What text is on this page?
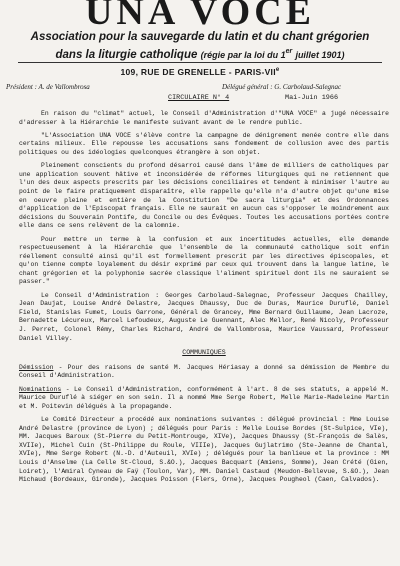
UNA VOCE
Association pour la sauvegarde du latin et du chant grégorien
dans la liturgie catholique (régie par la loi du 1er juillet 1901)
109, RUE DE GRENELLE - PARIS-VIIe
Président : A. de Vallombrosa	Délégué général : G. Carbolaud-Salegnac
CIRCULAIRE N° 4	Mai-Juin 1966

En raison du "climat" actuel, le Conseil d'Administration d'"UNA VOCE" a jugé nécessaire d'adresser à la Hiérarchie le manifeste suivant avant de le rendre public.

"L'Association UNA VOCE s'élève contre la campagne de dénigrement menée contre elle dans certains milieux. Elle repousse les accusations sans fondement de collusion avec des partis politiques ou des idéologies quelconques étrangère à son objet.

Pleinement conscients du profond désarroi causé dans l'âme de milliers de catholiques par une application souvent hâtive et inconsidérée de réformes liturgiques qui ne retiennent que l'un des deux aspects prescrits par les décisions conciliaires et tendent à minimiser l'autre au point de le faire pratiquement disparaître, elle rappelle qu'elle n'a d'autre objet qu'une mise en oeuvre pleine et entière de la Constitution "De sacra liturgia" et des Ordonnances d'application de l'Episcopat français. Elle ne saurait en aucun cas s'opposer le moindrement aux décisions du Souverain Pontife, du Concile ou des Évêques. Toutes les accusations portées contre elle dans ce sens relèvent de la calomnie.

Pour mettre un terme à la confusion et aux incertitudes actuelles, elle demande respectueusement à la Hiérarchie que l'ensemble de la communauté catholique soit enfin réellement consulté ainsi qu'il est formellement prescrit par les directives épiscopales, et qu'on tienne compte loyalement du désir exprimé par ceux qui trouvent dans la langue latine, le chant grégorien et la polyphonie sacrée classique l'aliment spirituel dont ils ne sauraient se passer."

Le Conseil d'Administration : Georges Carbolaud-Salegnac, Professeur Jacques Chailley, Jean Daujat, Louise André Delastre, Jacques Dhaussy, Duc de Duras, Maurice Duruflé, Daniel Field, Stanislas Fumet, Louis Garrone, Général de Grancey, Mme Bernard Guillaume, Jean Lacroze, Bernadette Lécureux, Marcel Lefoudeux, Auguste Le Guennant, Alec Mellor, René Nicoly, Professeur J. Perret, Colonel Rémy, Charles Richard, André de Vallombrosa, Maurice Vaussard, Professeur Daniel Villey.

COMMUNIQUES

Démission - Pour des raisons de santé M. Jacques Hériasay a donné sa démission de Membre du Conseil d'Administration.

Nominations - Le Conseil d'Administration, conformément à l'art. 8 de ses statuts, a appelé M. Maurice Duruflé à siéger en son sein. Il a nommé Mme Serge Robert, Melle Marie-Madeleine Martin et M. Poitevin délégués à la propagande.

Le Comité Directeur a procédé aux nominations suivantes : délégué provincial : Mme Louise André Delastre (province de Lyon) ; délégués pour Paris : Melle Louise Bordes (St-Sulpice, VIe), MM. Jacques Baroux (St-Pierre du Petit-Montrouge, XIVe), Jacques Dhaussy (St-François de Salès, XVIIe), Michel Cuin (St-Philippe du Roule, VIIIe), Jacques Gujlatrimo (Ste-Jeanne de Chantal, XVIe), Mme Serge Robert (N.-D. d'Auteuil, XVIe) ; délégués pour la banlieue et la province : MM Louis d'Anselme (La Celle St-Cloud, S.&O.), Jacques Bacquart (Amiens, Somme), Jean Crété (Gien, Loiret), l'Amiral Cyneau de Faÿ (Toulon, Var), MM. Daniel Castaud (Meudon-Bellevue, S.&O.), Jean Michaud (Bordeaux, Gironde), Jacques Poisson (Flers, Orne), Jacques Pougheol (Caen, Calvados).
